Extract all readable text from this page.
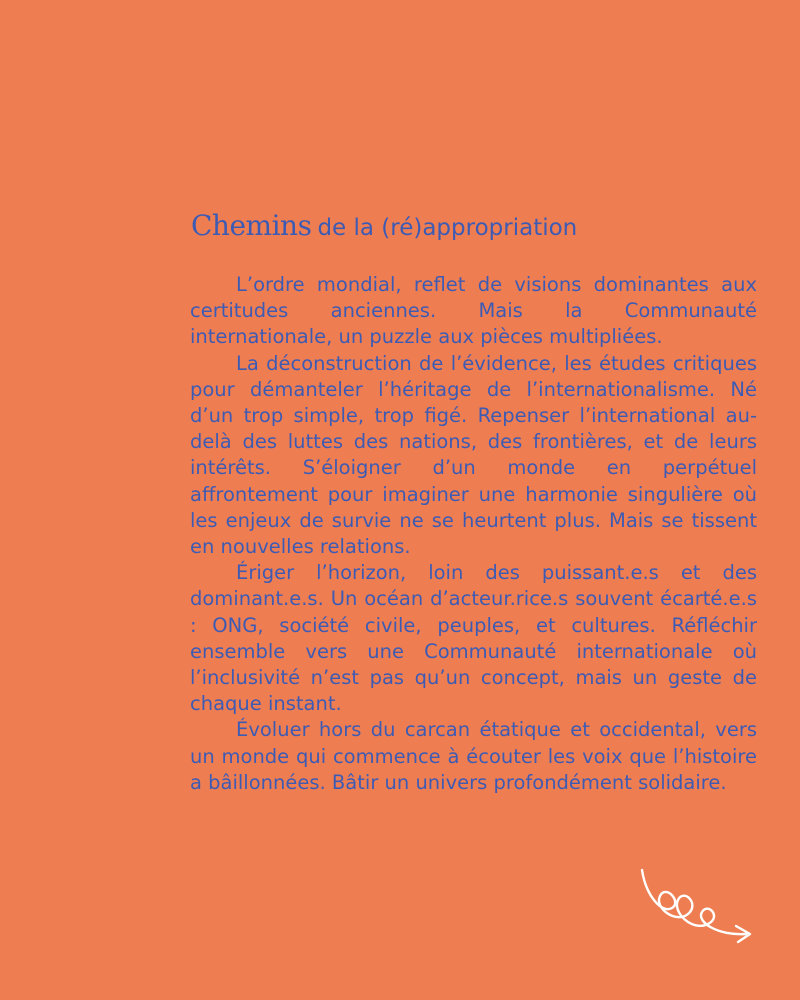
Chemins de la (ré)appropriation

L’ordre mondial, reflet de visions dominantes aux certitudes anciennes. Mais la Communauté internationale, un puzzle aux pièces multipliées.

La déconstruction de l’évidence, les études critiques pour démanteler l’héritage de l’internationalisme. Né d’un trop simple, trop figé. Repenser l’international au-delà des luttes des nations, des frontières, et de leurs intérêts. S’éloigner d’un monde en perpétuel affrontement pour imaginer une harmonie singulière où les enjeux de survie ne se heurtent plus. Mais se tissent en nouvelles relations.

Ériger l’horizon, loin des puissant.e.s et des dominant.e.s. Un océan d’acteur.rice.s souvent écarté.e.s : ONG, société civile, peuples, et cultures. Réfléchir ensemble vers une Communauté internationale où l’inclusivité n’est pas qu’un concept, mais un geste de chaque instant.

Évoluer hors du carcan étatique et occidental, vers un monde qui commence à écouter les voix que l’histoire a bâillonnées. Bâtir un univers profondément solidaire.
